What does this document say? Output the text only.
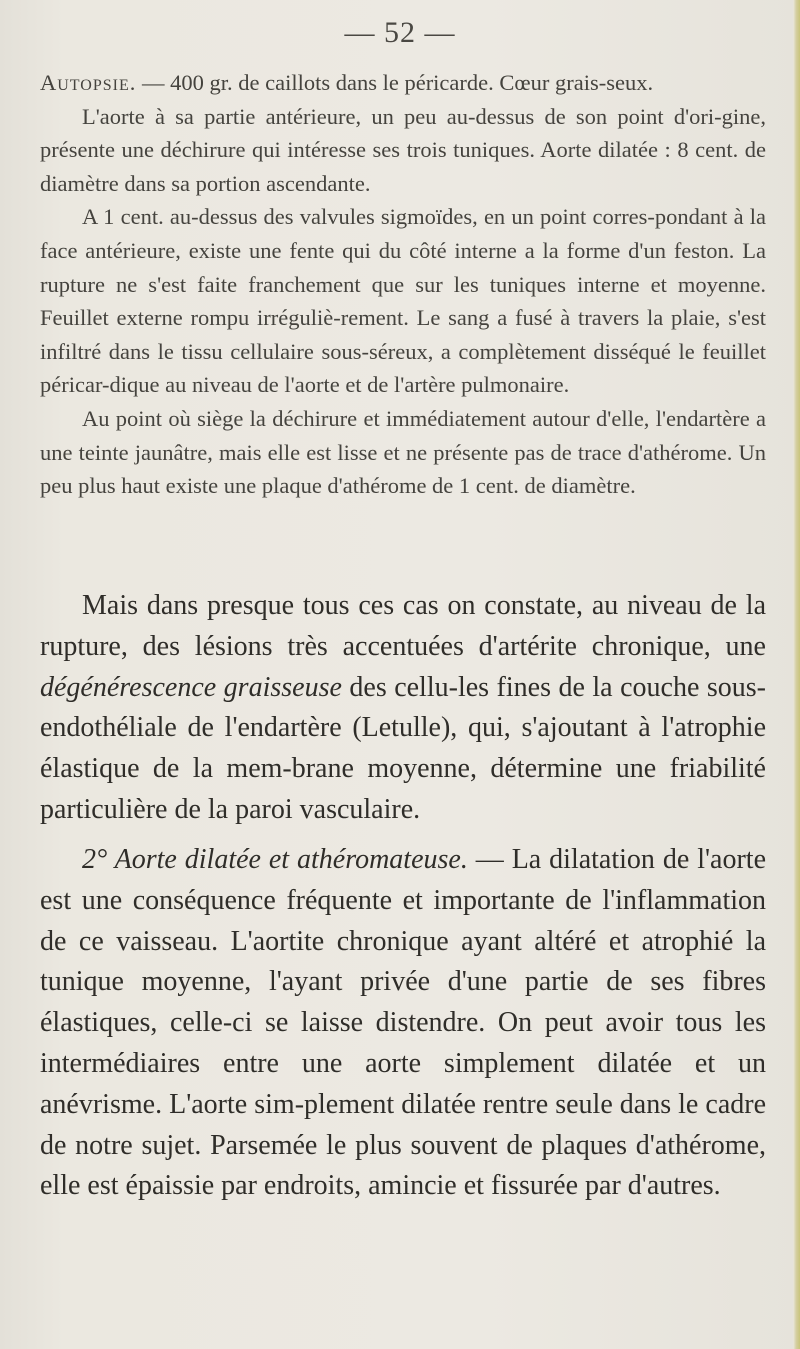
— 52 —

Autopsie. — 400 gr. de caillots dans le péricarde. Cœur grais-seux.

L'aorte à sa partie antérieure, un peu au-dessus de son point d'ori-gine, présente une déchirure qui intéresse ses trois tuniques. Aorte dilatée : 8 cent. de diamètre dans sa portion ascendante.

A 1 cent. au-dessus des valvules sigmoïdes, en un point corres-pondant à la face antérieure, existe une fente qui du côté interne a la forme d'un feston. La rupture ne s'est faite franchement que sur les tuniques interne et moyenne. Feuillet externe rompu irréguliè-rement. Le sang a fusé à travers la plaie, s'est infiltré dans le tissu cellulaire sous-séreux, a complètement disséqué le feuillet péricar-dique au niveau de l'aorte et de l'artère pulmonaire.

Au point où siège la déchirure et immédiatement autour d'elle, l'endartère a une teinte jaunâtre, mais elle est lisse et ne présente pas de trace d'athérome. Un peu plus haut existe une plaque d'athérome de 1 cent. de diamètre.

Mais dans presque tous ces cas on constate, au niveau de la rupture, des lésions très accentuées d'artérite chronique, une dégénérescence graisseuse des cellu-les fines de la couche sous-endothéliale de l'endartère (Letulle), qui, s'ajoutant à l'atrophie élastique de la mem-brane moyenne, détermine une friabilité particulière de la paroi vasculaire.

2° Aorte dilatée et athéromateuse. — La dilatation de l'aorte est une conséquence fréquente et importante de l'inflammation de ce vaisseau. L'aortite chronique ayant altéré et atrophié la tunique moyenne, l'ayant privée d'une partie de ses fibres élastiques, celle-ci se laisse distendre. On peut avoir tous les intermédiaires entre une aorte simplement dilatée et un anévrisme. L'aorte sim-plement dilatée rentre seule dans le cadre de notre sujet. Parsemée le plus souvent de plaques d'athérome, elle est épaissie par endroits, amincie et fissurée par d'autres.
